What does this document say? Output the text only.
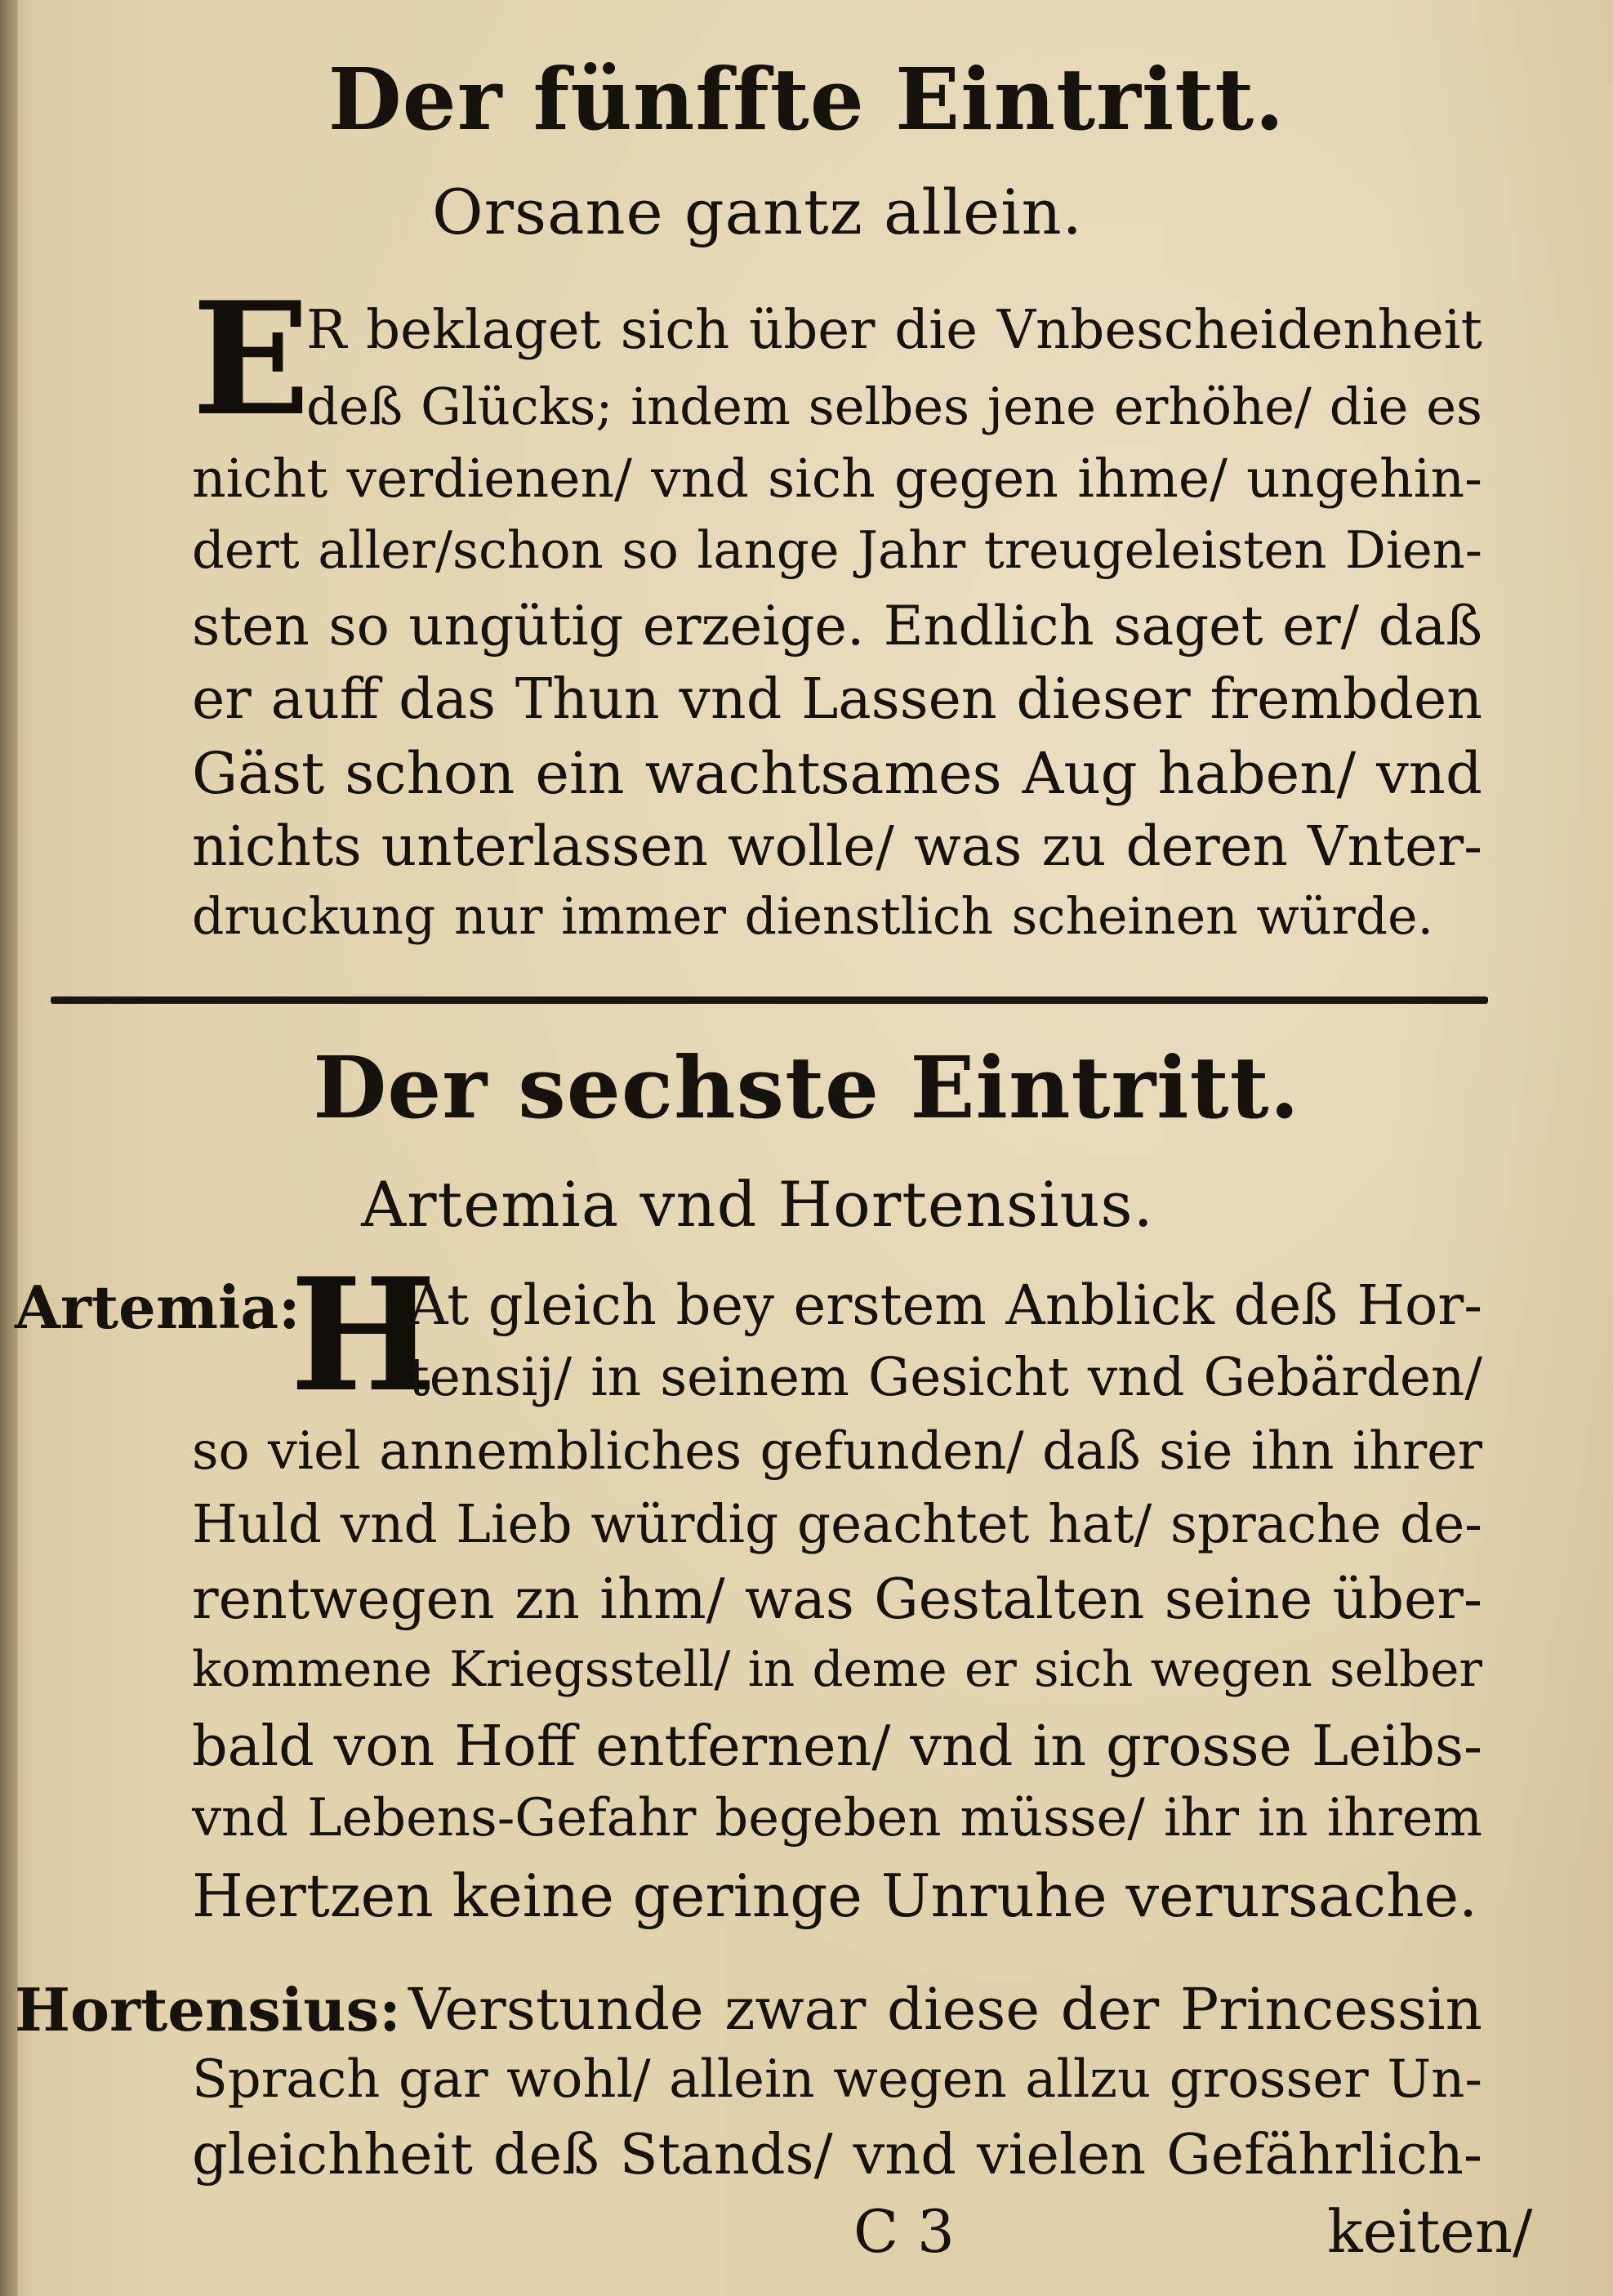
Der fünffte Eintritt.
Orsane gantz allein.
E
R beklaget sich über die Vnbescheidenheit
deß Glücks; indem selbes jene erhöhe/ die es
nicht verdienen/ vnd sich gegen ihme/ ungehin-
dert aller/schon so lange Jahr treugeleisten Dien-
sten so ungütig erzeige. Endlich saget er/ daß
er auff das Thun vnd Lassen dieser frembden
Gäst schon ein wachtsames Aug haben/ vnd
nichts unterlassen wolle/ was zu deren Vnter-
druckung nur immer dienstlich scheinen würde.
Der sechste Eintritt.
Artemia vnd Hortensius.
Artemia:
H
At gleich bey erstem Anblick deß Hor-
tensij/ in seinem Gesicht vnd Gebärden/
so viel annembliches gefunden/ daß sie ihn ihrer
Huld vnd Lieb würdig geachtet hat/ sprache de-
rentwegen zn ihm/ was Gestalten seine über-
kommene Kriegsstell/ in deme er sich wegen selber
bald von Hoff entfernen/ vnd in grosse Leibs-
vnd Lebens-Gefahr begeben müsse/ ihr in ihrem
Hertzen keine geringe Unruhe verursache.
Hortensius: Verstunde zwar diese der Princessin
Sprach gar wohl/ allein wegen allzu grosser Un-
gleichheit deß Stands/ vnd vielen Gefährlich-
C 3	keiten/
